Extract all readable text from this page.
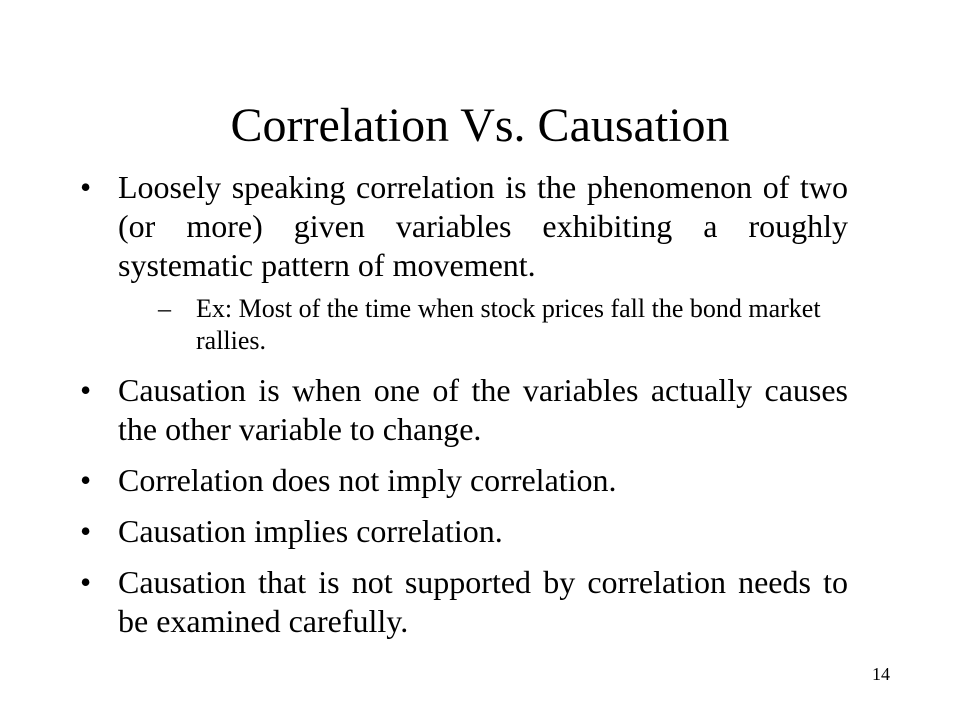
Correlation Vs. Causation
• Loosely speaking correlation is the phenomenon of two (or more) given variables exhibiting a roughly systematic pattern of movement.
– Ex: Most of the time when stock prices fall the bond market rallies.
• Causation is when one of the variables actually causes the other variable to change.
• Correlation does not imply correlation.
• Causation implies correlation.
• Causation that is not supported by correlation needs to be examined carefully.
14
